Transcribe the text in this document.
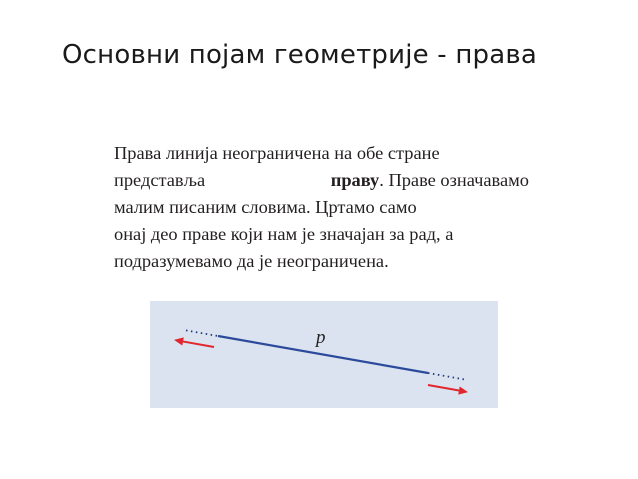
Основни појам геометрије - права
Права линија неограничена на обе стране
представља	праву. Праве означавамо
малим писаним словима. Цртамо само
онај део праве који нам је значајан за рад, а
подразумевамо да је неограничена.
p
